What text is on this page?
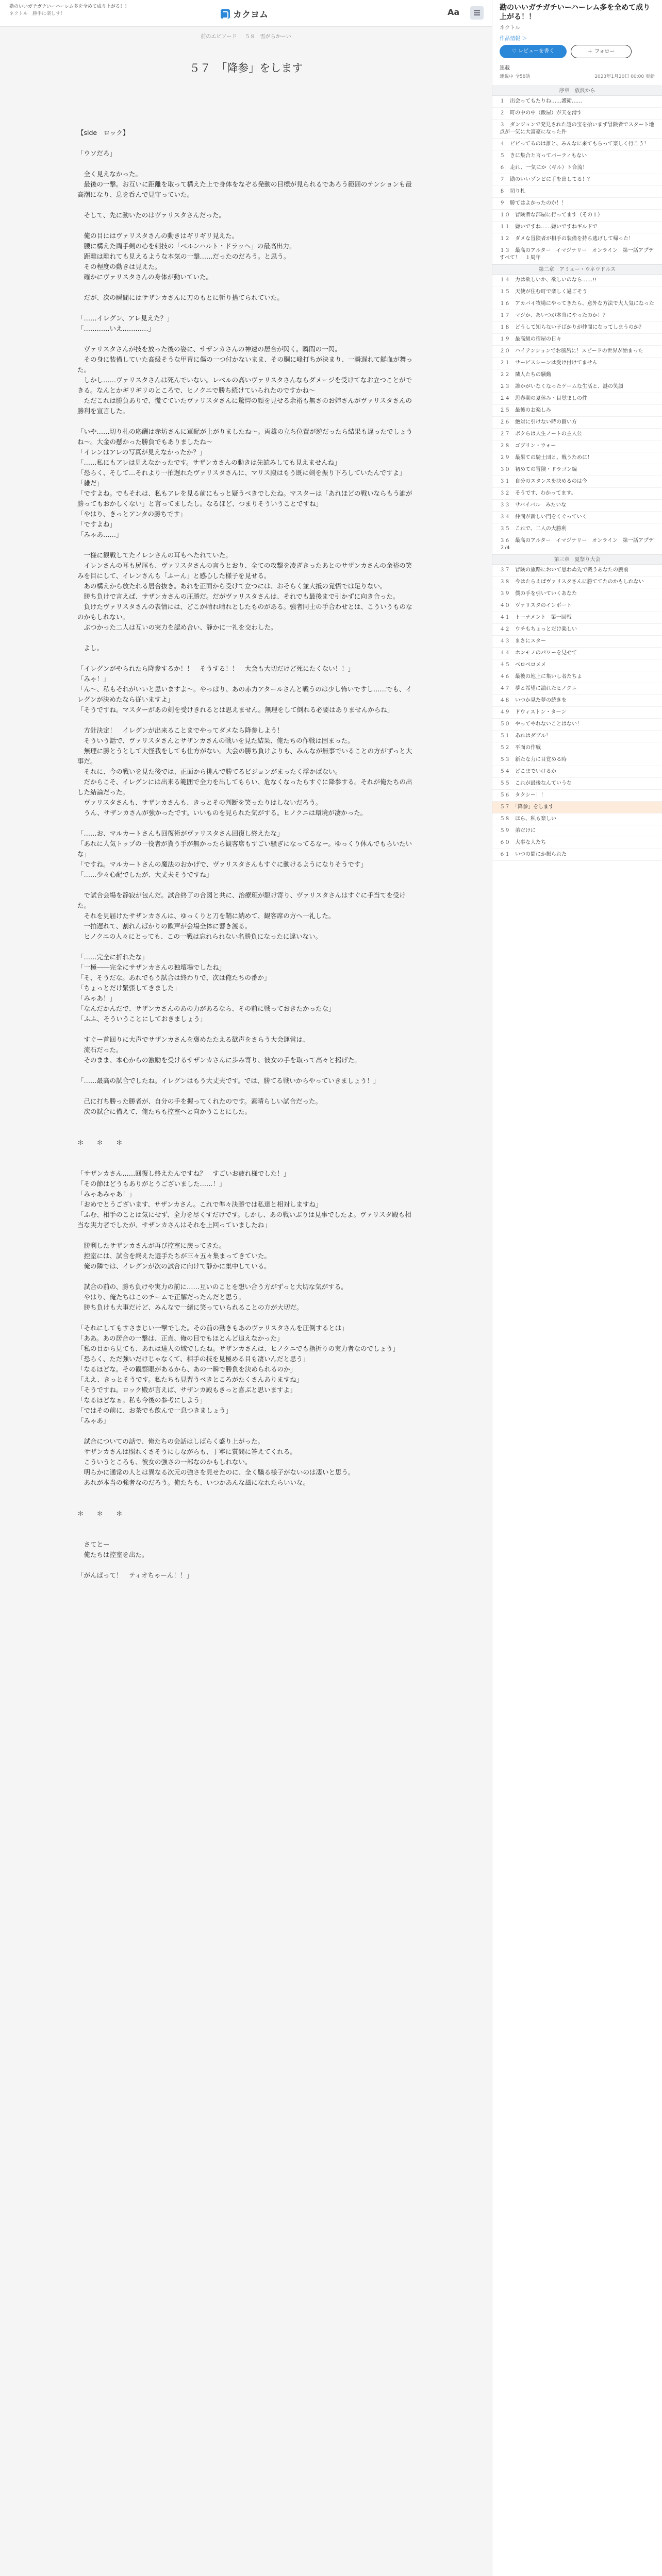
勘のいいガチガチいーハーレム多を全めて成り上がる！！
ネクトル　勝手に楽しす！	カクヨム	Aa
前のエピソード ５８　雪がらかーい
５７　「降参」をします

【side　ロック】

「ウソだろ」

　全く見えなかった。

　最後の一撃。お互いに距離を取って構えた上で身体をなぞる発動の目標が見られるであろう範囲のテンションも最高潮になり、息を呑んで見守っていた。

　そして、先に動いたのはヴァリスタさんだった。

　俺の目にはヴァリスタさんの動きはギリギリ見えた。

　腰に構えた両手剣の心を刺技の「ベルンハルト・ドラッヘ」の最高出力。

　距離は離れても見えるような本気の一撃……だったのだろう。と思う。

　その程度の動きは見えた。

　確かにヴァリスタさんの身体が動いていた。

　だが、次の瞬間にはサザンカさんに刀のもとに斬り捨てられていた。

「……イレグン、アレ見えた？」

「…………いえ…………」

　ヴァリスタさんが技を放った後の姿に、サザンカさんの神速の居合が閃く。瞬間の一閃。

　その身に装備していた高級そうな甲冑に傷の一つ付かないまま、その胴に峰打ちが決まり、一瞬遅れて鮮血が舞った。

　しかし……ヴァリスタさんは死んでいない。レベルの高いヴァリスタさんならダメージを受けてなお立つことができる。なんとかギリギリのところで、ヒノクニで勝ち続けていられたのですかね～

　ただこれは勝負ありで、慌てていたヴァリスタさんに驚愕の顔を見せる余裕も無さのお姉さんがヴァリスタさんの勝利を宣言した。

「いや……切り札の応酬は赤坊さんに軍配が上がりましたね～。両雄の立ち位置が逆だったら結果も違ったでしょうね～。大金の懸かった勝負でもありましたね～

「イレンはアレの写真が見えなかったか？」

「……私にもアレは見えなかったです。サザンカさんの動きは先読みしても見えませんね」

「恐らく、そして…それより一拍遅れたヴァリスタさんに、マリス殿はもう既に剣を振り下ろしていたんですよ」

「雑だ」

「ですよね。でもそれは、私もアレを見る前にもっと疑うべきでしたね。マスターは「あれほどの戦いならもう誰が勝ってもおかしくない」と言ってましたし。なるほど、つまりそういうことですね」

「やはり、きっとアンタの勝ちです」

「ですよね」

「みゃあ……」

　一様に観戦してたイレンさんの耳もへたれていた。

　イレンさんの耳も尻尾も、ヴァリスタさんの言うとおり、全ての攻撃を凌ぎきったあとのサザンカさんの余裕の笑みを目にして、イレンさんも「ふーん」と感心した様子を見せる。

　あの構えから放たれる居合抜き。あれを正面から受けて立つには、おそらく並大抵の覚悟では足りない。

　勝ち負けで言えば、サザンカさんの圧勝だ。だがヴァリスタさんは、それでも最後まで引かずに向き合った。

　負けたヴァリスタさんの表情には、どこか晴れ晴れとしたものがある。強者同士の手合わせとは、こういうものなのかもしれない。

　ぶつかった二人は互いの実力を認め合い、静かに一礼を交わした。

　よし。

「イレグンがやられたら降参するか！！　そうする！！　大会も大切だけど死にたくない！！」

「みゃ！」

「ん〜、私もそれがいいと思いますよ～。やっぱり、あの赤力アタールさんと戦うのは少し怖いですし……でも、イレグンが決めたなら従いますよ」

「そうですね。マスターがあの剣を受けきれるとは思えません。無理をして倒れる必要はありませんからね」

　方針決定！　イレグンが出来ることまでやってダメなら降参しよう！

　そういう話で、ヴァリスタさんとサザンカさんの戦いを見た結果、俺たちの作戦は固まった。

　無理に勝とうとして大怪我をしても仕方がない。大会の勝ち負けよりも、みんなが無事でいることの方がずっと大事だ。

　それに、今の戦いを見た後では、正面から挑んで勝てるビジョンがまったく浮かばない。

　だからこそ、イレグンには出来る範囲で全力を出してもらい、危なくなったらすぐに降参する。それが俺たちの出した結論だった。

　ヴァリスタさんも、サザンカさんも、きっとその判断を笑ったりはしないだろう。

　うん、サザンカさんが強かったです。いいものを見られた気がする。ヒノクニは環境が凄かった。

「……お、マルカートさんも回復術がヴァリスタさん回復し終えたな」

「あれに人気トップの一役者が貰う手が無かったら観客席もすごい騒ぎになってるなー。ゆっくり休んでもらいたいな」

「ですね。マルカートさんの魔法のおかげで、ヴァリスタさんもすぐに動けるようになりそうです」

「……少々心配でしたが、大丈夫そうですね」

　で試合会場を静寂が包んだ。試合終了の合図と共に、治療班が駆け寄り、ヴァリスタさんはすぐに手当てを受けた。

　それを見届けたサザンカさんは、ゆっくりと刀を鞘に納めて、観客席の方へ一礼した。

　一拍遅れて、割れんばかりの歓声が会場全体に響き渡る。

　ヒノクニの人々にとっても、この一戦は忘れられない名勝負になったに違いない。

「……完全に折れたな」

「一極――完全にサザンカさんの独壇場でしたね」

「そ、そうだな。あれでもう試合は終わりで、次は俺たちの番か」

「ちょっとだけ緊張してきました」

「みゃあ！」

「なんだかんだで、サザンカさんのあの力があるなら、その前に戦っておきたかったな」

「ふふ、そういうことにしておきましょう」

　すぐー首回りに大声でサザンカさんを褒めたたえる歓声をさらう大会運営は、

　流石だった。

　そのまま、本心からの激励を受けるサザンカさんに歩み寄り、彼女の手を取って高々と掲げた。

「……最高の試合でしたね。イレグンはもう大丈夫です。では、勝てる戦いからやっていきましょう！」

　己に打ち勝った勝者が、自分の手を握ってくれたのです。素晴らしい試合だった。

　次の試合に備えて、俺たちも控室へと向かうことにした。

＊　　＊　　＊

「サザンカさん……回復し終えたんですね？　すごいお疲れ様でした！」

「その節はどうもありがとうございました……！」

「みゃあみゃあ！」

「おめでとうございます、サザンカさん。これで準々決勝では私達と相対しますね」

「ふむ、相手のことは気にせず、全力を尽くすだけです。しかし、あの戦いぶりは見事でしたよ。ヴァリスタ殿も相当な実力者でしたが、サザンカさんはそれを上回っていましたね」

　勝利したサザンカさんが再び控室に戻ってきた。

　控室には、試合を終えた選手たちが三々五々集まってきていた。

　俺の隣では、イレグンが次の試合に向けて静かに集中している。

　試合の前の、勝ち負けや実力の前に……互いのことを想い合う方がずっと大切な気がする。

　やはり、俺たちはこのチームで正解だったんだと思う。

　勝ち負けも大事だけど、みんなで一緒に笑っていられることの方が大切だ。

「それにしてもすさまじい一撃でした。その前の動きもあのヴァリスタさんを圧倒するとは」

「ああ。あの居合の一撃は、正直、俺の目でもほとんど追えなかった」

「私の目から見ても、あれは達人の域でしたね。サザンカさんは、ヒノクニでも指折りの実力者なのでしょう」

「恐らく、ただ強いだけじゃなくて、相手の技を見極める目も凄いんだと思う」

「なるほどな。その観察眼があるから、あの一瞬で勝負を決められるのか」

「ええ、きっとそうです。私たちも見習うべきところがたくさんありますね」

「そうですね。ロック殿が言えば、サザンカ殿もきっと喜ぶと思いますよ」

「なるほどなぁ。私も今後の参考にしよう」

「ではその前に、お茶でも飲んで一息つきましょう」

「みゃあ」

　試合についての話で、俺たちの会話はしばらく盛り上がった。

　サザンカさんは照れくさそうにしながらも、丁寧に質問に答えてくれる。

　こういうところも、彼女の強さの一部なのかもしれない。

　明らかに通常の人とは異なる次元の強さを見せたのに、全く驕る様子がないのは凄いと思う。

　あれが本当の強者なのだろう。俺たちも、いつかあんな風になれたらいいな。

＊　　＊　　＊

　さてとー

　俺たちは控室を出た。

「がんばって！　ティオちゃーん！！」

勘のいいガチガチいーハーレム多を全めて成り上がる！！
ネクトル
作品情報 ＞
♡ レビューを書く	＋ フォロー
連載
連載中 全58話	2023年1月20日 00:00 更新
序章　放浪から
１　出会ってもたりね……護衛……
２　町の中の中（飯屋）が天を滑す
３　ダンジョンで発見された謎の宝を拾いまず冒険者でスタート地点が一気に大富豪になった件
４　ビビってるのは誰と、みんなに来てもらって楽しく行こう！
５　きに集合と言ってパーティもない
６　走れ、一気にか（ギル）ト合流！
７　勘のいいゾンビに手を出してる！？
８　切り札
９　勝てはよかったのか！！
１０　冒険者な部屋に行ってます（その１）
１１　嫌いですね……嫌いですねギルドで
１２　ダメな冒険者が相手の装備を持ち逃げして帰った！
１３　最高のアルター　イマジナリー　オンライン　第一話アプデ　すべて！　１周年
第二章　アミュー・ウネウドルス
１４　力は欲しいか、欲しいのなら……!!
１５　天使が住む町で楽しく過ごそう
１６　アカバイ牧場にやってきたら、意外な方法で大人気になった
１７　マジか、あいつが本当にやったのか！？
１８　どうして知らない子ばかりが仲間になってしまうのか？
１９　最高級の宿屋の日々
２０　ハイテンションでお風呂に！スピードの世界が始まった
２１　サービスシーンは受け付けてません
２２　隣人たちの騒動
２３　誰かがいなくなったゲームな生活と、謎の笑顔
２４　思春期の夏休み・目覚ましの件
２５　最後のお楽しみ
２６　絶対に引けない時の闘い方
２７　ボクらは人生ノートの主人公
２８　ゴブリン・ウォー
２９　最果ての騎士団と、戦うために！
３０　初めての冒険・ドラゴン編
３１　自分のスタンスを決めるのは今
３２　そうです、わかってます。
３３　サバイバル　みたいな
３４　仲間が新しい門をくぐっていく
３５　これで、二人の大勝利
３６　最高のアルター　イマジナリー　オンライン　第一話アプデ　２/4
第三章　夏祭り大会
３７　冒険の旅路において思わぬ先で戦うあなたの腕前
３８　今はたらえばヴァリスタさんに勝ててたのかもしれない
３９　僕の手を引いていくあなた
４０　ヴァリスタのインポート
４１　トーナメント　第一回戦
４２　ウチもちょっとだけ楽しい
４３　まさにスター
４４　ホンモノのパワーを見せて
４５　ベロベロメメ
４６　最後の地上に集いし者たちよ
４７　夢と希望に溢れたヒノクニ
４８　いつか見た夢の続きを
４９　ドウィストン・ターン
５０　やってやれないことはない！
５１　あれはダブル！
５２　平面の作戦
５３　新たな力に目覚める時
５４　どこまでいけるか
５５　これが最後なんていうな
５６　タクシー！！
５７　「降参」をします
５８　ほら、私も楽しい
５９　弟だけに
６０　大事な人たち
６１　いつの間にか振られた
